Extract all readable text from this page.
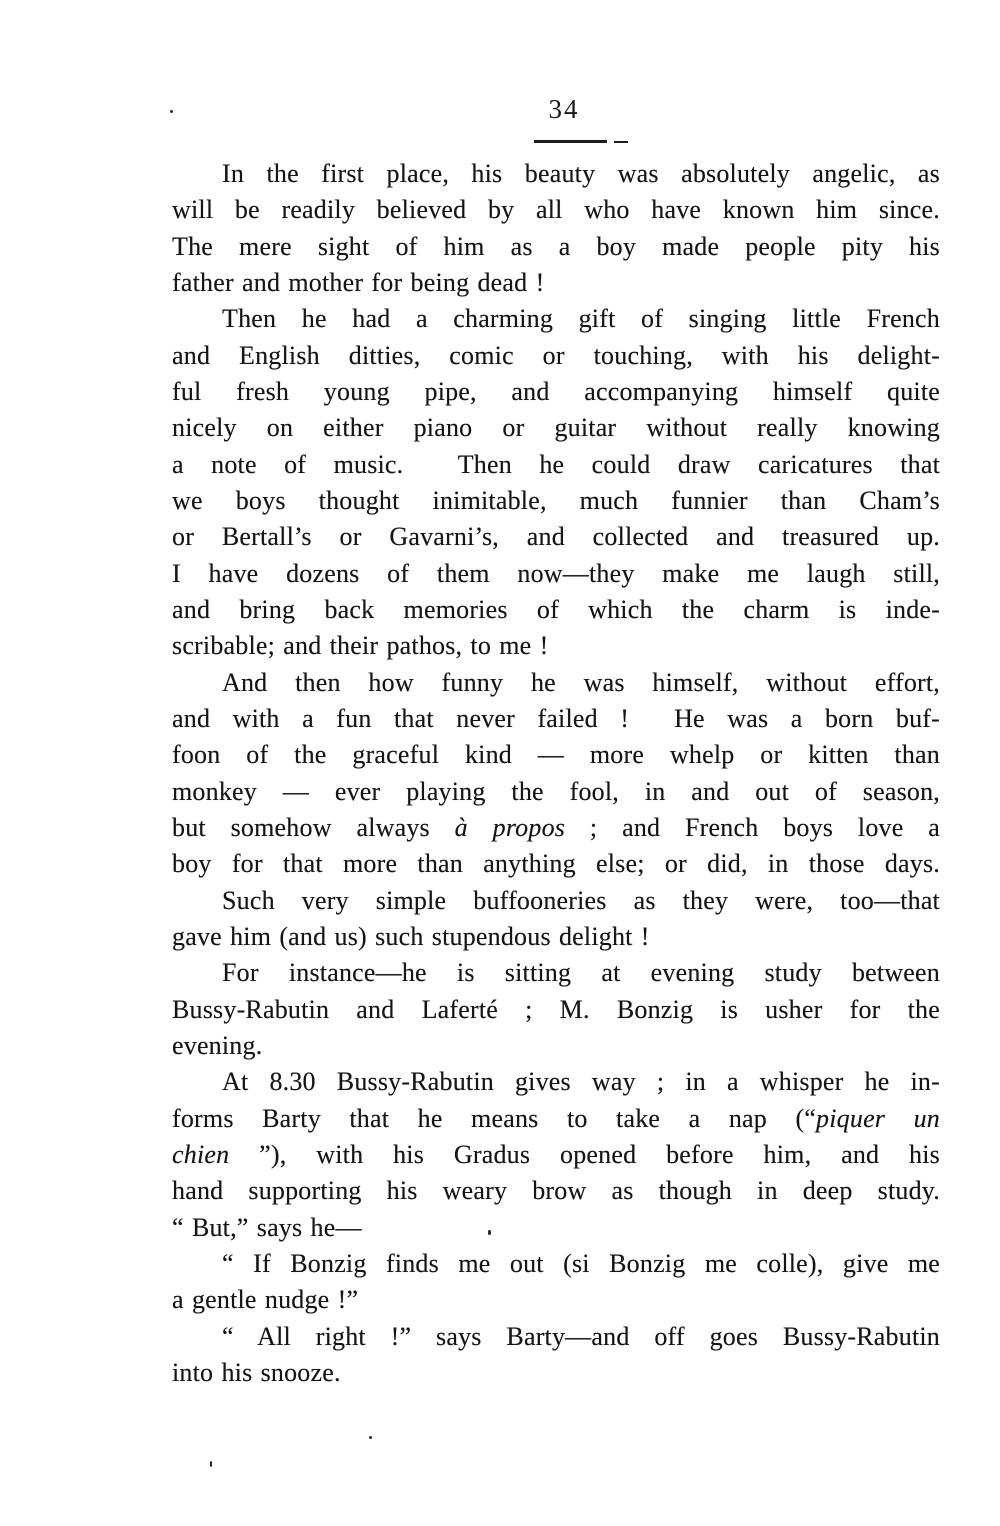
34
In the first place, his beauty was absolutely angelic, as
will be readily believed by all who have known him since.
The mere sight of him as a boy made people pity his
father and mother for being dead !
Then he had a charming gift of singing little French
and English ditties, comic or touching, with his delight-
ful fresh young pipe, and accompanying himself quite
nicely on either piano or guitar without really knowing
a note of music.  Then he could draw caricatures that
we boys thought inimitable, much funnier than Cham’s
or Bertall’s or Gavarni’s, and collected and treasured up.
I have dozens of them now—they make me laugh still,
and bring back memories of which the charm is inde-
scribable; and their pathos, to me !
And then how funny he was himself, without effort,
and with a fun that never failed !  He was a born buf-
foon of the graceful kind — more whelp or kitten than
monkey — ever playing the fool, in and out of season,
but somehow always à propos ; and French boys love a
boy for that more than anything else; or did, in those days.
Such very simple buffooneries as they were, too—that
gave him (and us) such stupendous delight !
For instance—he is sitting at evening study between
Bussy-Rabutin and Laferté ; M. Bonzig is usher for the
evening.
At 8.30 Bussy-Rabutin gives way ; in a whisper he in-
forms Barty that he means to take a nap (“piquer un
chien ”), with his Gradus opened before him, and his
hand supporting his weary brow as though in deep study.
“ But,” says he—
“ If Bonzig finds me out (si Bonzig me colle), give me
a gentle nudge !”
“ All right !” says Barty—and off goes Bussy-Rabutin
into his snooze.
